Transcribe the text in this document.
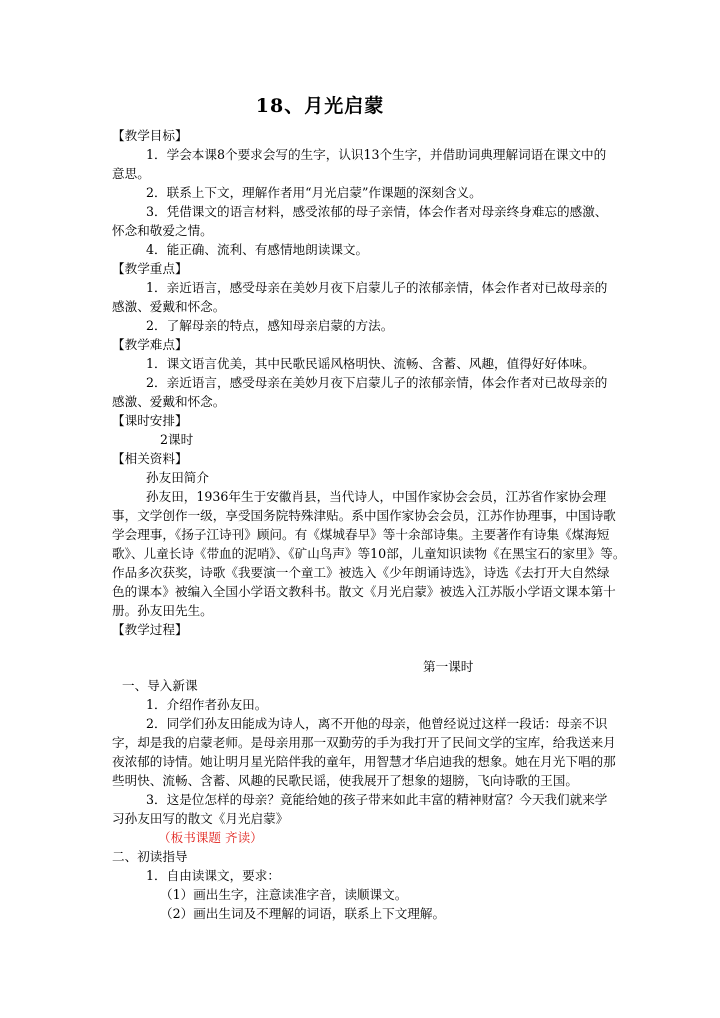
18、月光启蒙
【教学目标】
1．学会本课8个要求会写的生字，认识13个生字，并借助词典理解词语在课文中的
意思。
2．联系上下文，理解作者用“月光启蒙”作课题的深刻含义。
3．凭借课文的语言材料，感受浓郁的母子亲情，体会作者对母亲终身难忘的感激、
怀念和敬爱之情。
4．能正确、流利、有感情地朗读课文。
【教学重点】
1．亲近语言，感受母亲在美妙月夜下启蒙儿子的浓郁亲情，体会作者对已故母亲的
感激、爱戴和怀念。
2．了解母亲的特点，感知母亲启蒙的方法。
【教学难点】
1．课文语言优美，其中民歌民谣风格明快、流畅、含蓄、风趣，值得好好体味。
2．亲近语言，感受母亲在美妙月夜下启蒙儿子的浓郁亲情，体会作者对已故母亲的
感激、爱戴和怀念。
【课时安排】
2课时
【相关资料】
孙友田简介
孙友田，1936年生于安徽肖县，当代诗人，中国作家协会会员，江苏省作家协会理
事，文学创作一级，享受国务院特殊津贴。系中国作家协会会员，江苏作协理事，中国诗歌
学会理事，《扬子江诗刊》顾问。有《煤城春早》等十余部诗集。主要著作有诗集《煤海短
歌》、儿童长诗《带血的泥哨》、《矿山鸟声》等10部，儿童知识读物《在黑宝石的家里》等。
作品多次获奖，诗歌《我要演一个童工》被选入《少年朗诵诗选》，诗选《去打开大自然绿
色的课本》被编入全国小学语文教科书。散文《月光启蒙》被选入江苏版小学语文课本第十
册。孙友田先生。
【教学过程】
第一课时
一、导入新课
1．介绍作者孙友田。
2．同学们孙友田能成为诗人，离不开他的母亲，他曾经说过这样一段话：母亲不识
字，却是我的启蒙老师。是母亲用那一双勤劳的手为我打开了民间文学的宝库，给我送来月
夜浓郁的诗情。她让明月星光陪伴我的童年，用智慧才华启迪我的想象。她在月光下唱的那
些明快、流畅、含蓄、风趣的民歌民谣，使我展开了想象的翅膀，飞向诗歌的王国。
3．这是位怎样的母亲？竟能给她的孩子带来如此丰富的精神财富？今天我们就来学
习孙友田写的散文《月光启蒙》
（板书课题 齐读）
二、初读指导
1．自由读课文，要求：
（1）画出生字，注意读准字音，读顺课文。
（2）画出生词及不理解的词语，联系上下文理解。
